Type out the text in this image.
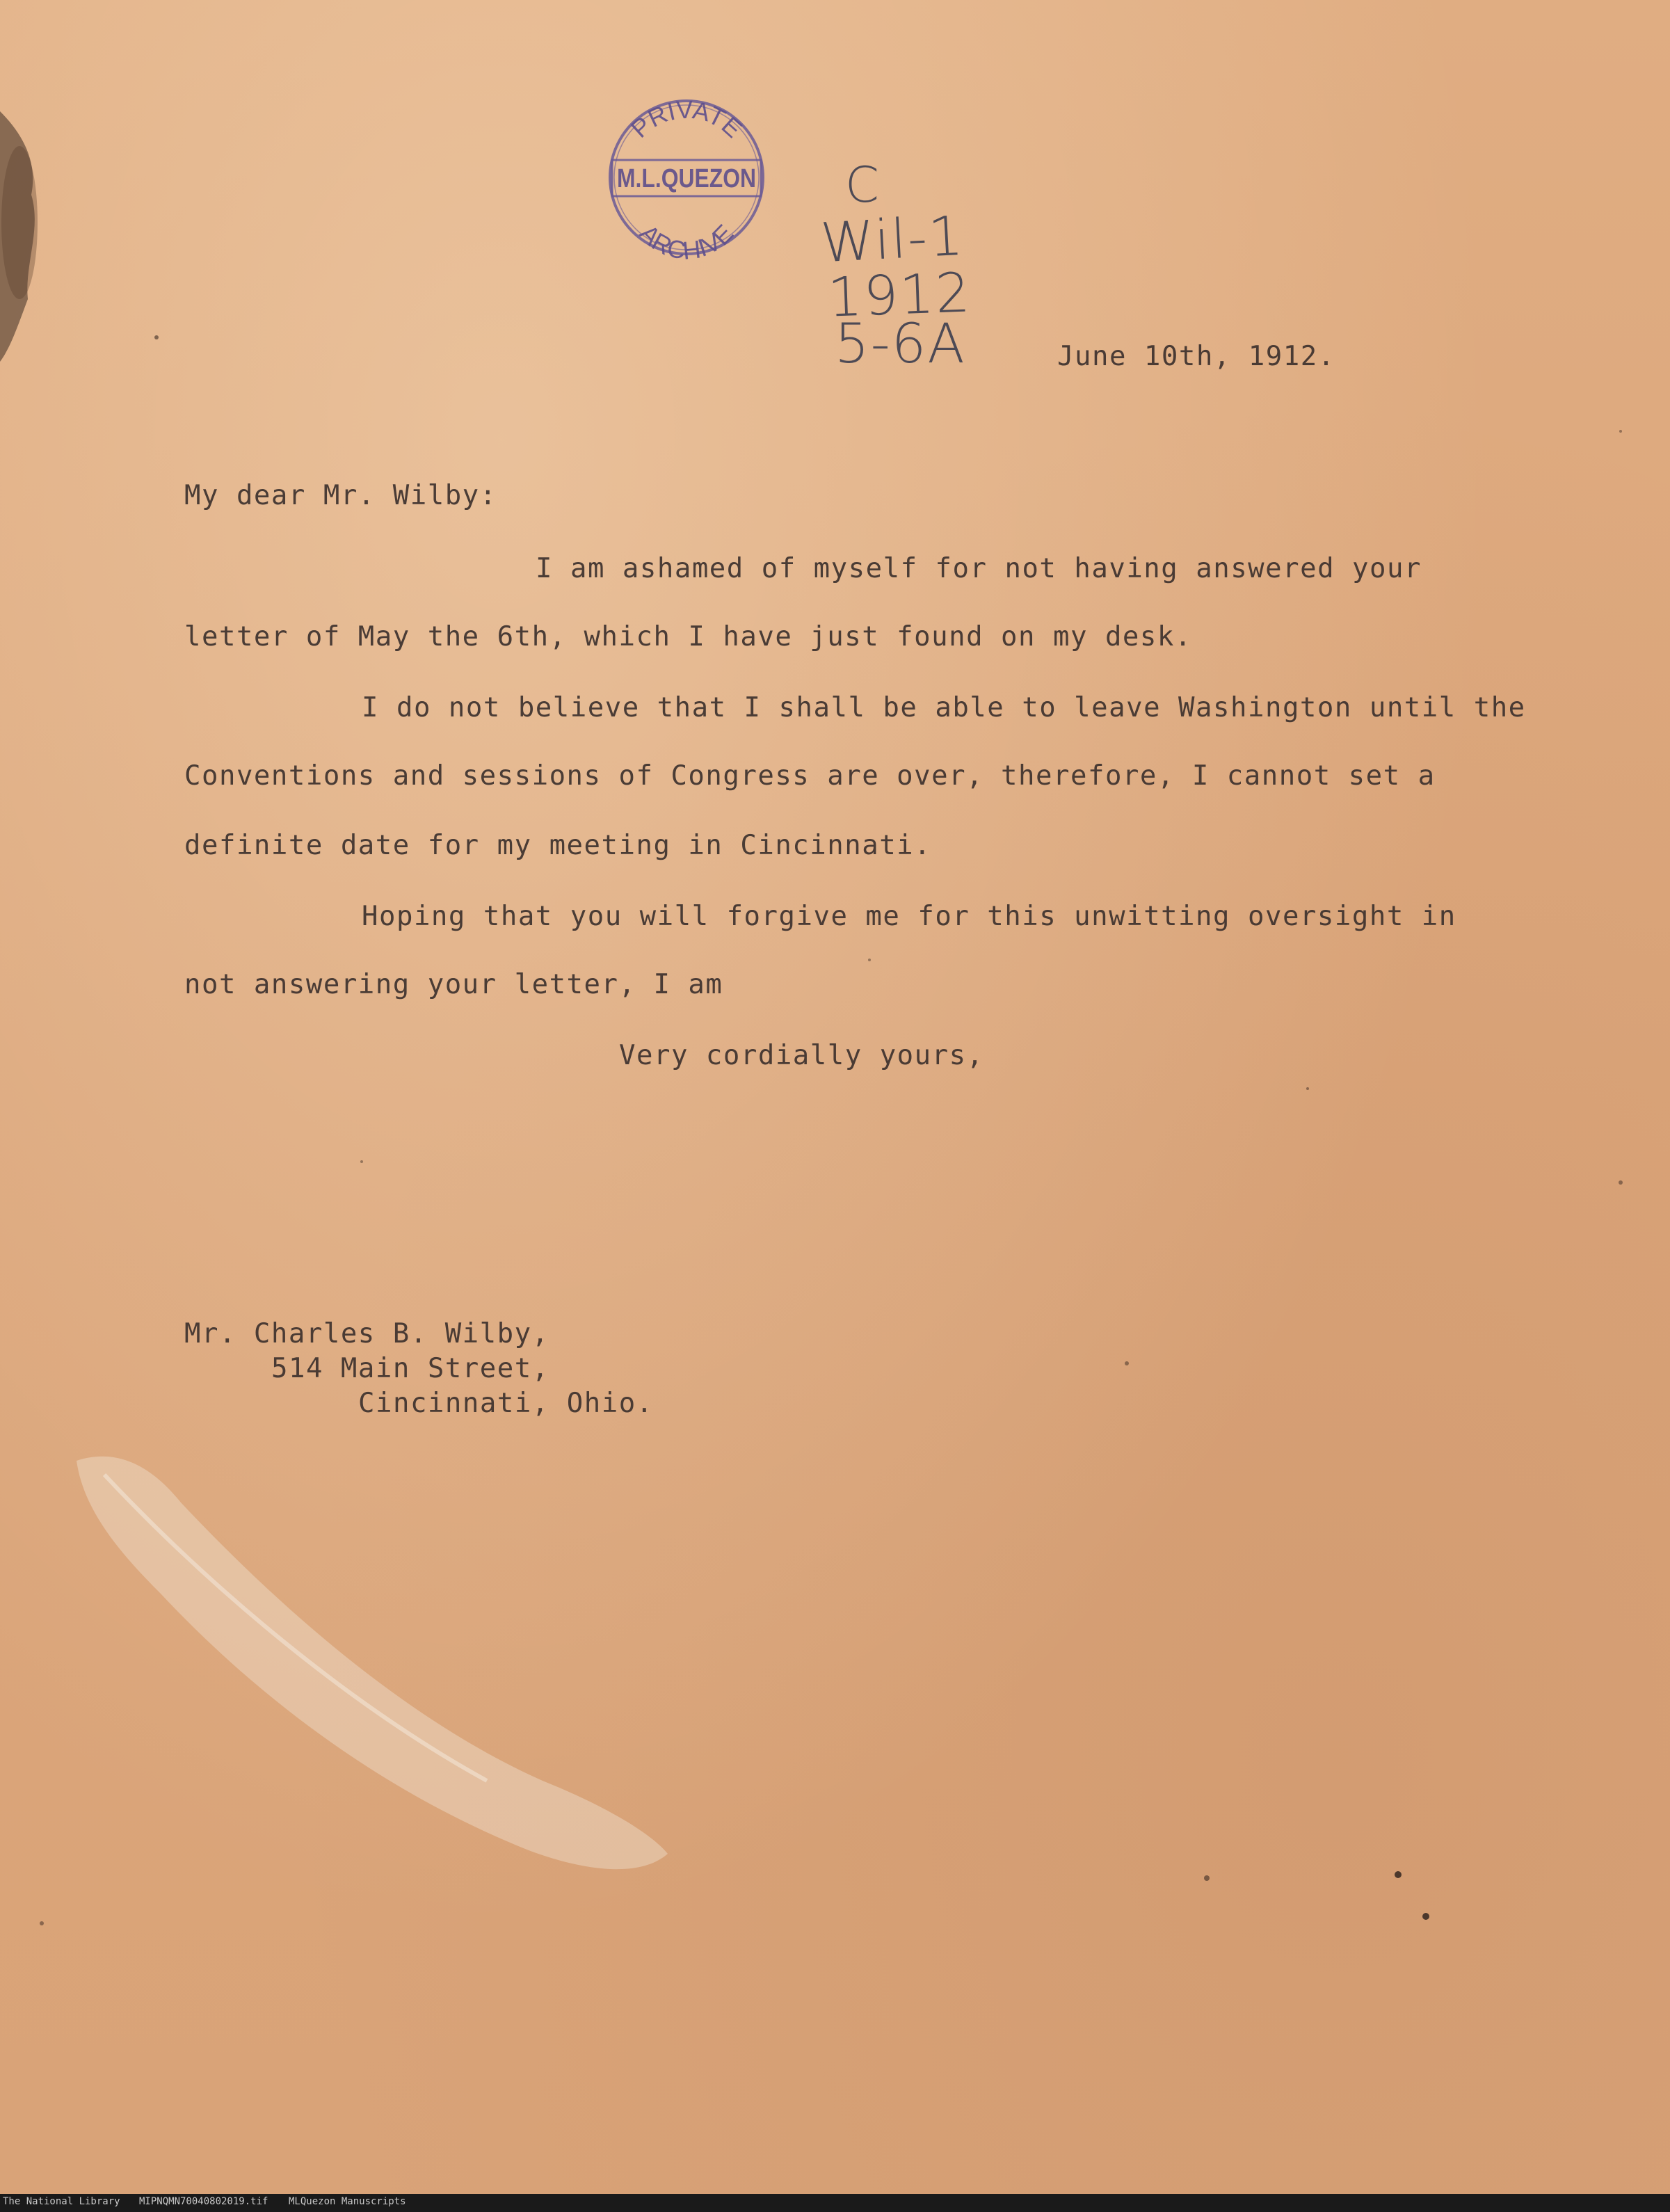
PRIVATE
M.L.QUEZON
ARCHIVE
C
Wil-1
1912
5-6A	June 10th, 1912.
My dear Mr. Wilby:
I am ashamed of myself for not having answered your
letter of May the 6th, which I have just found on my desk.
I do not believe that I shall be able to leave Washington until the
Conventions and sessions of Congress are over, therefore, I cannot set a
definite date for my meeting in Cincinnati.
Hoping that you will forgive me for this unwitting oversight in
not answering your letter, I am
Very cordially yours,
Mr. Charles B. Wilby,
514 Main Street,
Cincinnati, Ohio.
The National Library MIPNQMN70040802019.tif MLQuezon Manuscripts
